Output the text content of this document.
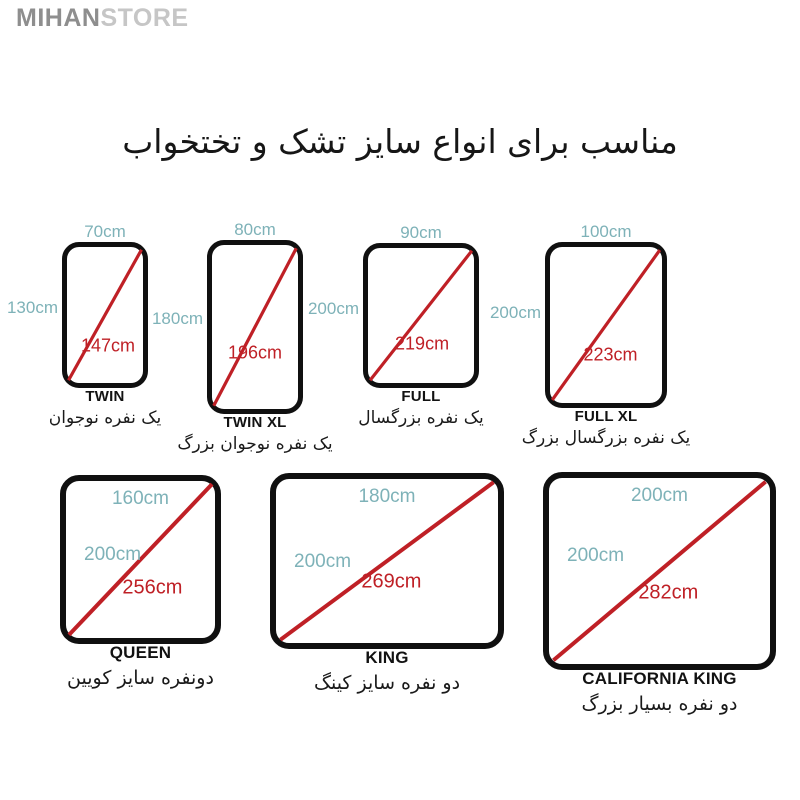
MIHANSTORE
مناسب برای انواع سایز تشک و تختخواب
70cm
130cm
147cm
TWIN
یک نفره نوجوان
80cm
180cm
196cm
TWIN XL
یک نفره نوجوان بزرگ
90cm
200cm
219cm
FULL
یک نفره بزرگسال
100cm
200cm
223cm
FULL XL
یک نفره بزرگسال بزرگ
160cm
200cm
256cm
QUEEN
دونفره سایز کویین
180cm
200cm
269cm
KING
دو نفره سایز کینگ
200cm
200cm
282cm
CALIFORNIA KING
دو نفره بسیار بزرگ
